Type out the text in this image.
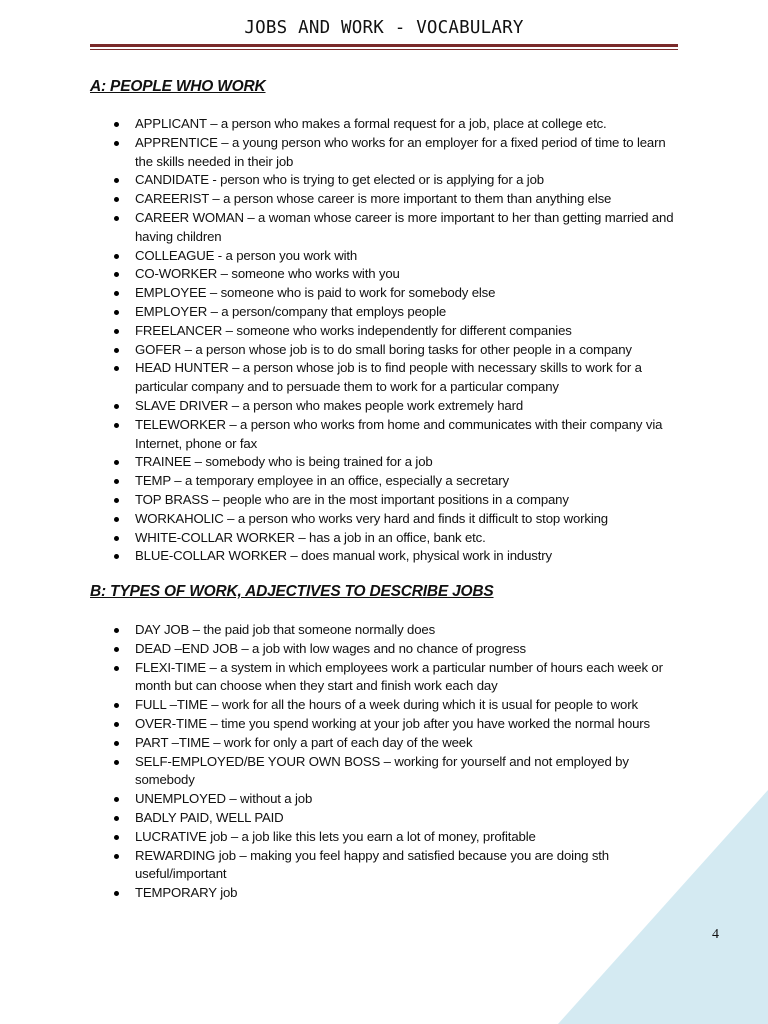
JOBS AND WORK - VOCABULARY
A: PEOPLE WHO WORK
APPLICANT – a person who makes a formal request for a job, place at college etc.
APPRENTICE – a young person who works for an employer for a fixed period of time to learn the skills needed in their job
CANDIDATE - person who is trying to get elected or is applying for a job
CAREERIST – a person whose career is more important to them than anything else
CAREER WOMAN – a woman whose career is more important to her than getting married and having children
COLLEAGUE - a person you work with
CO-WORKER – someone who works with you
EMPLOYEE – someone who is paid to work for somebody else
EMPLOYER – a person/company that employs people
FREELANCER – someone who works independently for different companies
GOFER – a person whose job is to do small boring tasks for other people in a company
HEAD HUNTER – a person whose job is to find people with necessary skills to work for a particular company and to persuade them to work for a particular company
SLAVE DRIVER – a person who makes people work extremely hard
TELEWORKER – a person who works from home and communicates with their company via Internet, phone or fax
TRAINEE – somebody who is being trained for a job
TEMP – a temporary employee in an office, especially a secretary
TOP BRASS – people who are in the most important positions in a company
WORKAHOLIC – a person who works very hard and finds it difficult to stop working
WHITE-COLLAR WORKER – has a job in an office, bank etc.
BLUE-COLLAR WORKER – does manual work, physical work in industry
B: TYPES OF WORK, ADJECTIVES TO DESCRIBE JOBS
DAY JOB – the paid job that someone normally does
DEAD –END JOB – a job with low wages and no chance of progress
FLEXI-TIME – a system in which employees work a particular number of hours each week or month but can choose when they start and finish work each day
FULL –TIME – work for all the hours of a week during which it is usual for people to work
OVER-TIME – time you spend working at your job after you have worked the normal hours
PART –TIME – work for only a part of each day of the week
SELF-EMPLOYED/BE YOUR OWN BOSS – working for yourself and not employed by somebody
UNEMPLOYED – without a job
BADLY PAID, WELL PAID
LUCRATIVE job – a job like this lets you earn a lot of money, profitable
REWARDING job – making you feel happy and satisfied because you are doing sth useful/important
TEMPORARY job
4
